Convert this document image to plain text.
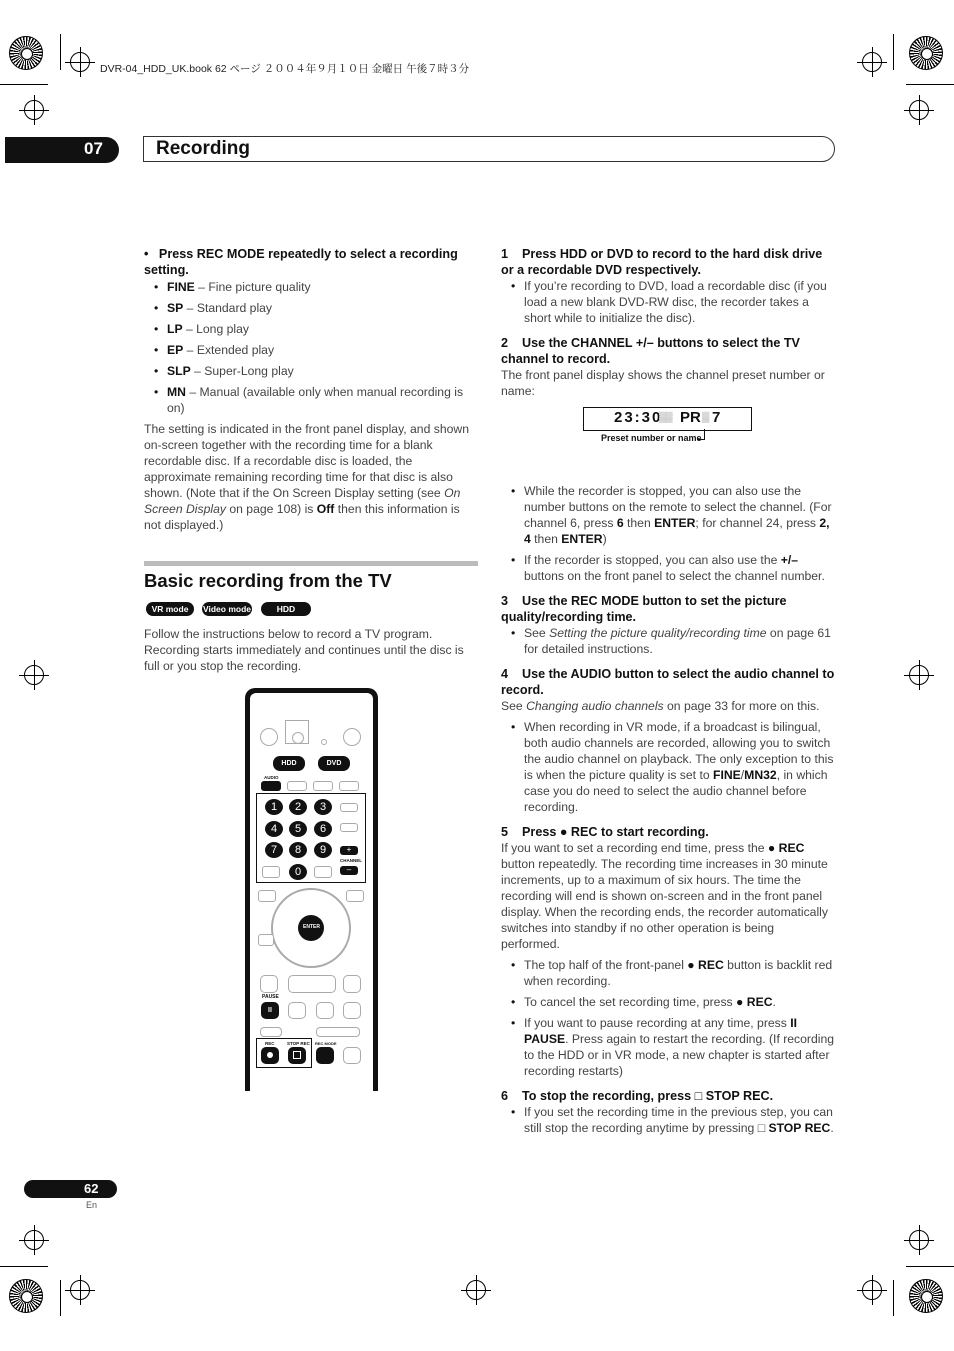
DVR-04_HDD_UK.book 62 ページ ２００４年９月１０日 金曜日 午後７時３分
07	Recording

• Press REC MODE repeatedly to select a recording setting.

• FINE – Fine picture quality

• SP – Standard play

• LP – Long play

• EP – Extended play

• SLP – Super-Long play

• MN – Manual (available only when manual recording is on)

The setting is indicated in the front panel display, and shown on-screen together with the recording time for a blank recordable disc. If a recordable disc is loaded, the approximate remaining recording time for that disc is also shown. (Note that if the On Screen Display setting (see On Screen Display on page 108) is Off then this information is not displayed.)

Basic recording from the TV
VR mode	Video mode	HDD

Follow the instructions below to record a TV program. Recording starts immediately and continues until the disc is full or you stop the recording.

HDD	DVD
AUDIO
1	2	3
4	5	6
7	8	9
0
+
CHANNEL
–
ENTER
PAUSE
II
REC	STOP REC REC MODE

1 Press HDD or DVD to record to the hard disk drive or a recordable DVD respectively.

• If you’re recording to DVD, load a recordable disc (if you load a new blank DVD-RW disc, the recorder takes a short while to initialize the disc).

2 Use the CHANNEL +/– buttons to select the TV channel to record.

The front panel display shows the channel preset number or name:

23:30
▓▓ PR ▓ 7
Preset number or name

• While the recorder is stopped, you can also use the number buttons on the remote to select the channel. (For channel 6, press 6 then ENTER; for channel 24, press 2, 4 then ENTER)

• If the recorder is stopped, you can also use the +/– buttons on the front panel to select the channel number.

3 Use the REC MODE button to set the picture quality/recording time.

• See Setting the picture quality/recording time on page 61 for detailed instructions.

4 Use the AUDIO button to select the audio channel to record.

See Changing audio channels on page 33 for more on this.

• When recording in VR mode, if a broadcast is bilingual, both audio channels are recorded, allowing you to switch the audio channel on playback. The only exception to this is when the picture quality is set to FINE/MN32, in which case you do need to select the audio channel before recording.

5 Press ● REC to start recording.

If you want to set a recording end time, press the ● REC button repeatedly. The recording time increases in 30 minute increments, up to a maximum of six hours. The time the recording will end is shown on-screen and in the front panel display. When the recording ends, the recorder automatically switches into standby if no other operation is being performed.

• The top half of the front-panel ● REC button is backlit red when recording.

• To cancel the set recording time, press ● REC.

• If you want to pause recording at any time, press II PAUSE. Press again to restart the recording. (If recording to the HDD or in VR mode, a new chapter is started after recording restarts)

6 To stop the recording, press □ STOP REC.

• If you set the recording time in the previous step, you can still stop the recording anytime by pressing □ STOP REC.

62
En
